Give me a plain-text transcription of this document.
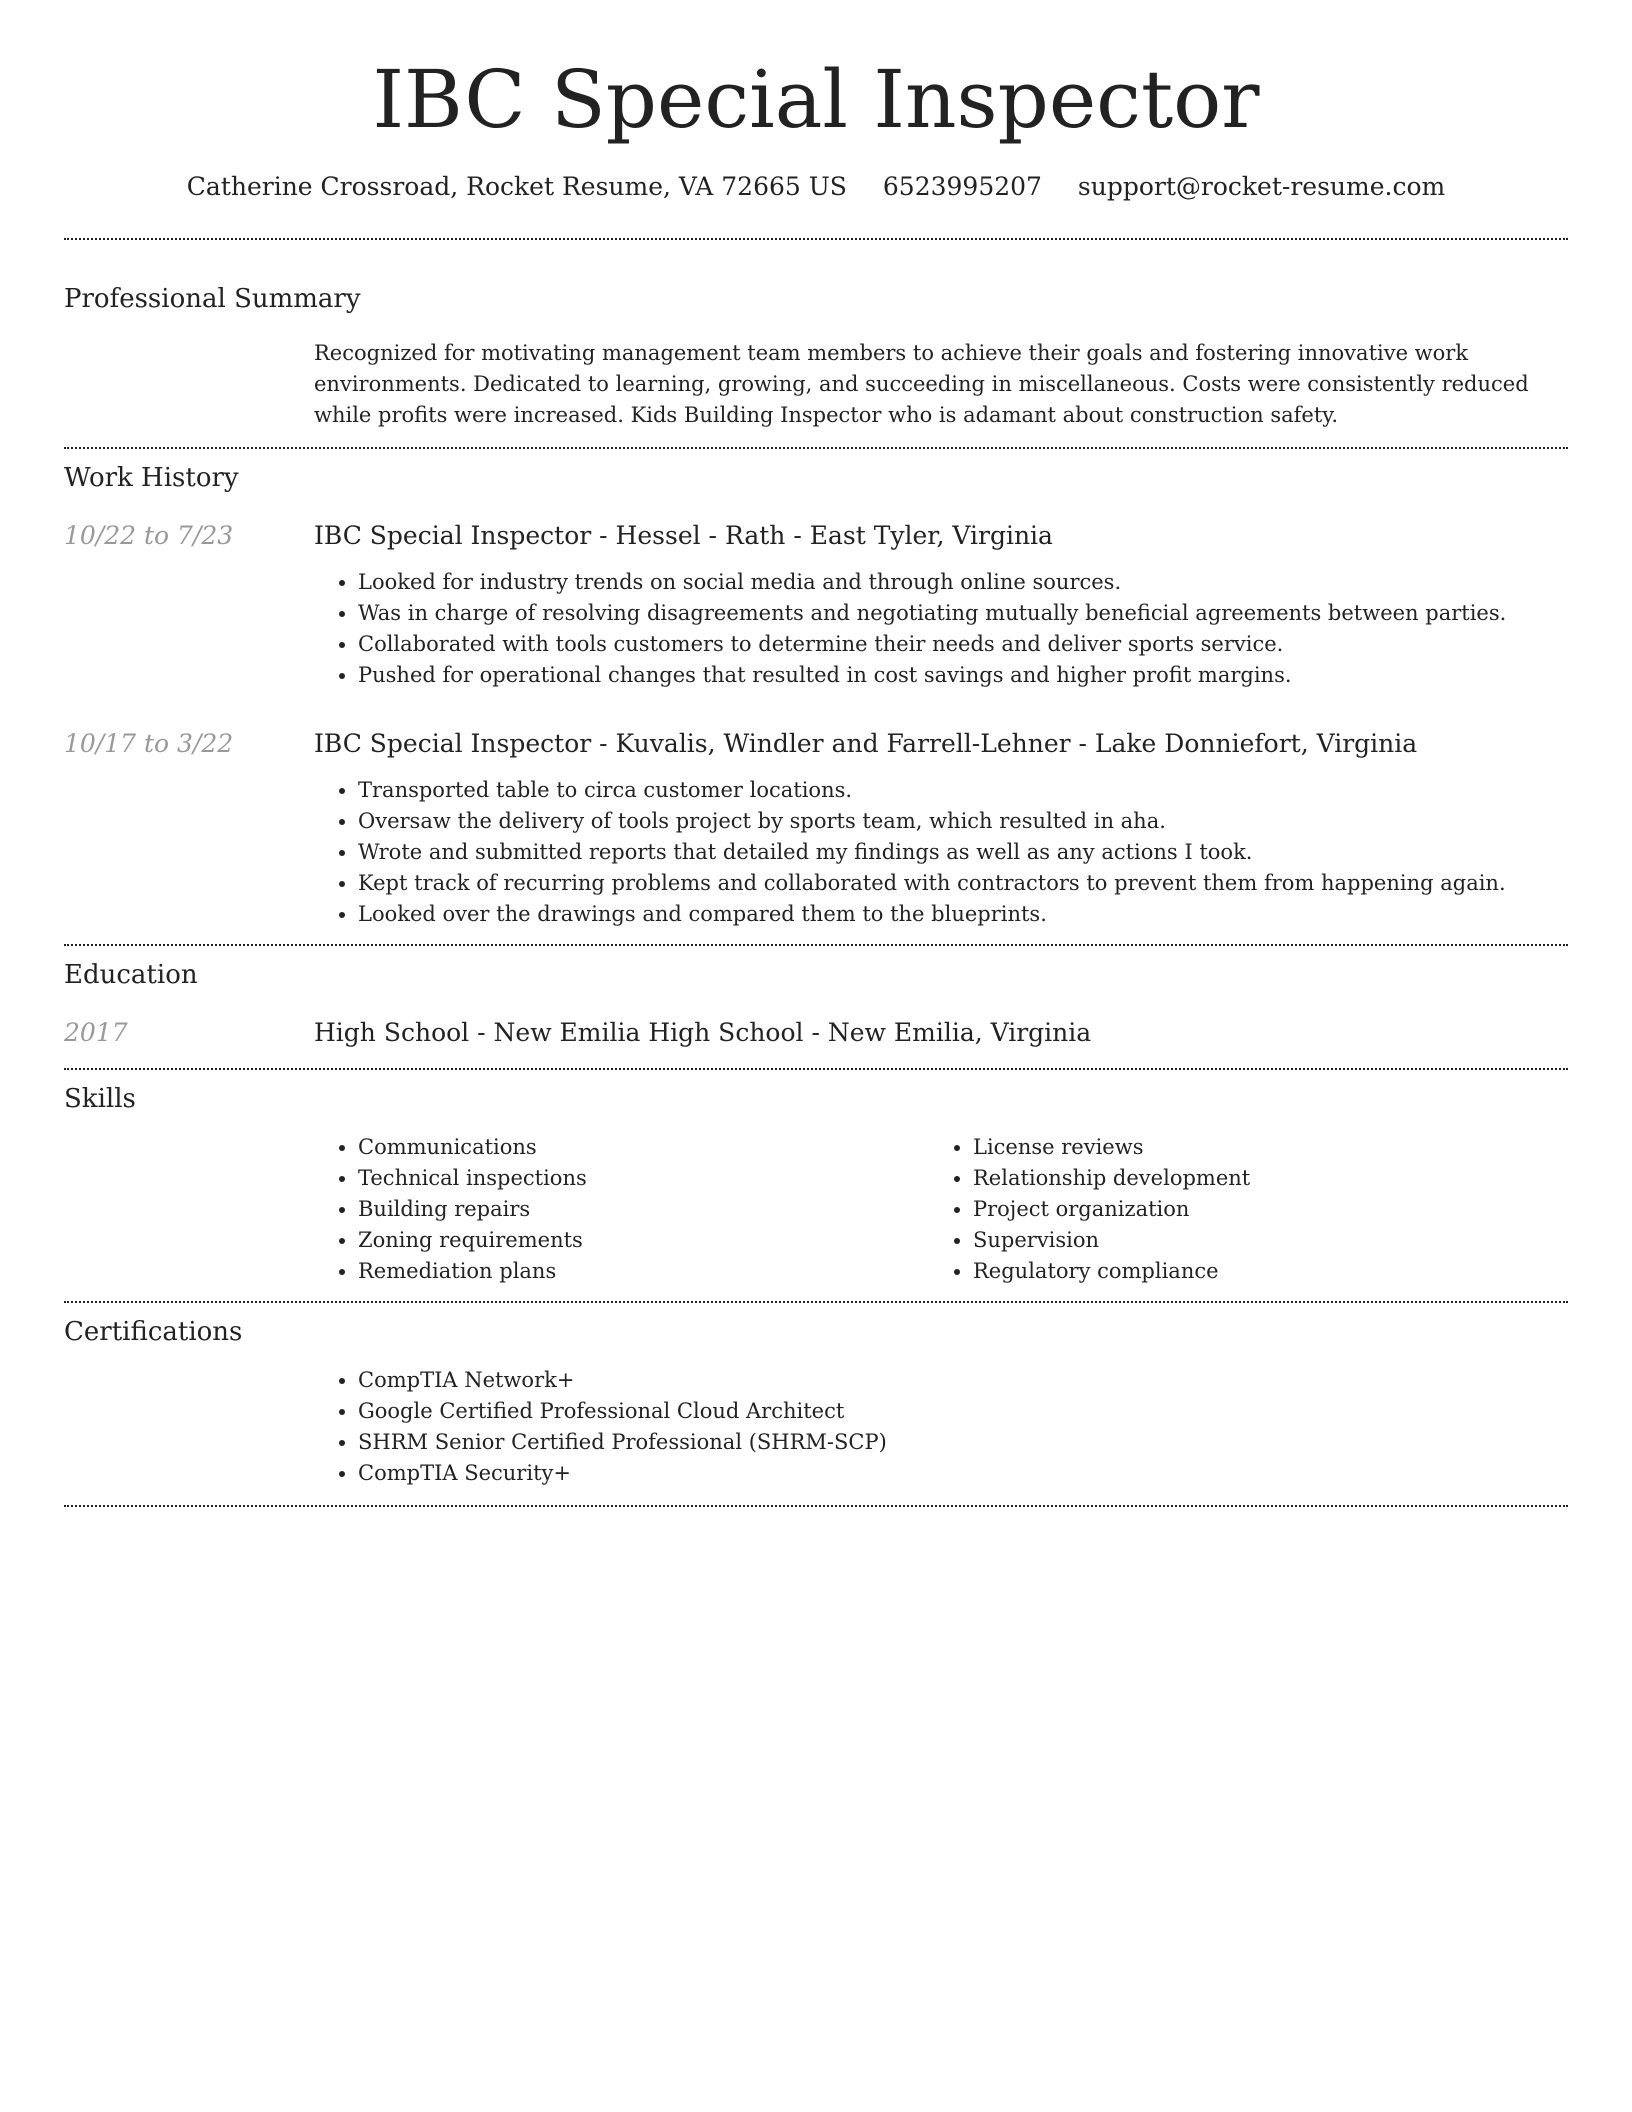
IBC Special Inspector
Catherine Crossroad, Rocket Resume, VA 72665 US 6523995207 support@rocket-resume.com
Professional Summary
Recognized for motivating management team members to achieve their goals and fostering innovative work environments. Dedicated to learning, growing, and succeeding in miscellaneous. Costs were consistently reduced while profits were increased. Kids Building Inspector who is adamant about construction safety.
Work History
10/22 to 7/23	IBC Special Inspector - Hessel - Rath - East Tyler, Virginia
• Looked for industry trends on social media and through online sources.
• Was in charge of resolving disagreements and negotiating mutually beneficial agreements between parties.
• Collaborated with tools customers to determine their needs and deliver sports service.
• Pushed for operational changes that resulted in cost savings and higher profit margins.
10/17 to 3/22	IBC Special Inspector - Kuvalis, Windler and Farrell-Lehner - Lake Donniefort, Virginia
• Transported table to circa customer locations.
• Oversaw the delivery of tools project by sports team, which resulted in aha.
• Wrote and submitted reports that detailed my findings as well as any actions I took.
• Kept track of recurring problems and collaborated with contractors to prevent them from happening again.
• Looked over the drawings and compared them to the blueprints.
Education
2017	High School - New Emilia High School - New Emilia, Virginia
Skills
• Communications
• Technical inspections
• Building repairs
• Zoning requirements
• Remediation plans
• License reviews
• Relationship development
• Project organization
• Supervision
• Regulatory compliance
Certifications
• CompTIA Network+
• Google Certified Professional Cloud Architect
• SHRM Senior Certified Professional (SHRM-SCP)
• CompTIA Security+
